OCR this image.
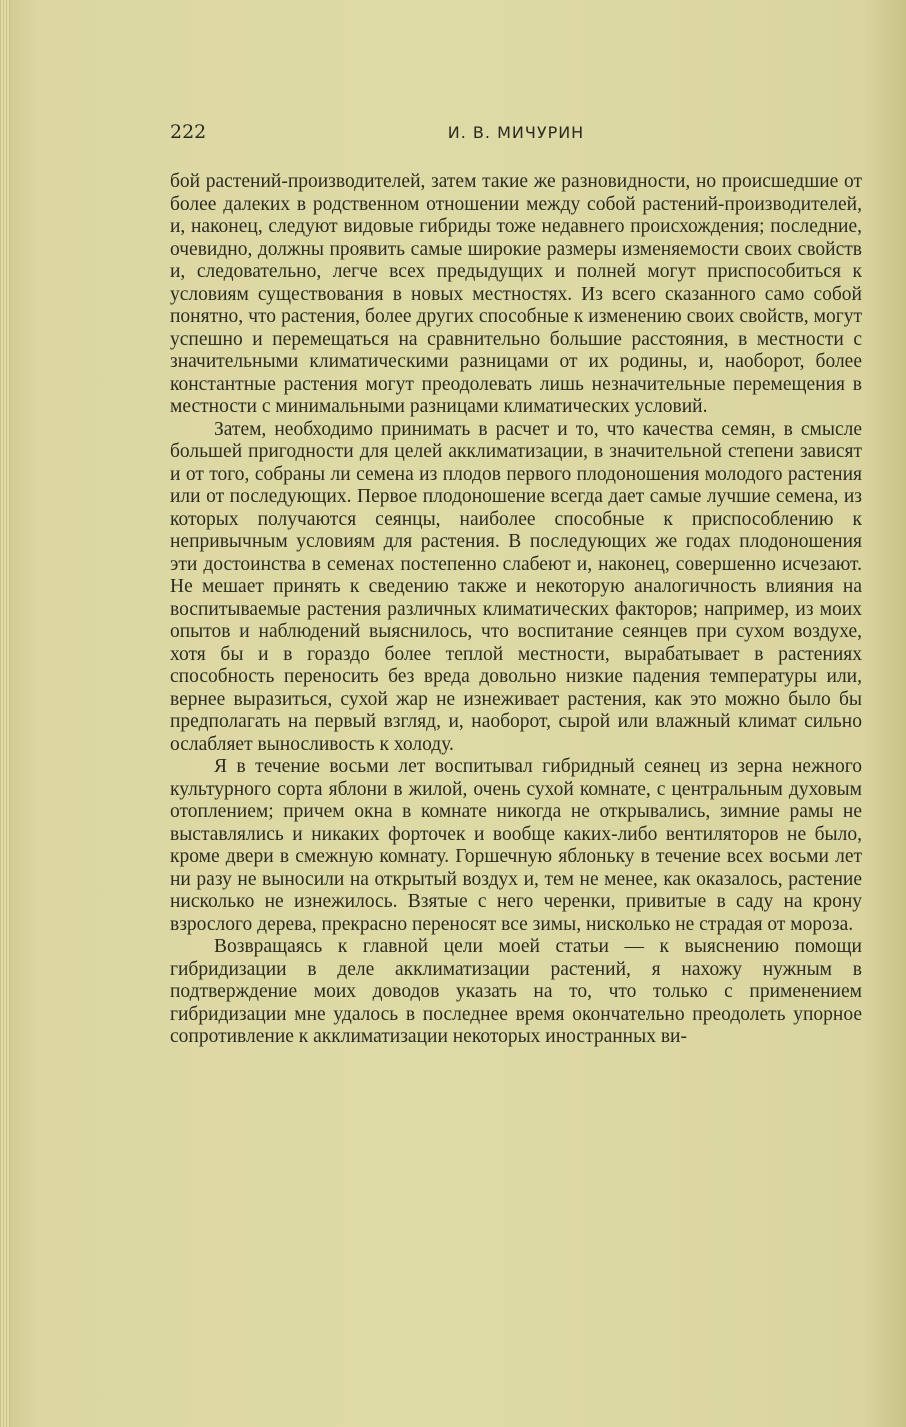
222	И. В. МИЧУРИН

бой растений-производителей, затем такие же разновидности, но происшедшие от более далеких в родственном отношении между собой растений-производителей, и, наконец, следуют видовые гибриды тоже недавнего происхождения; последние, очевидно, должны проявить самые широкие размеры изменяемости своих свойств и, следовательно, легче всех предыдущих и полней могут приспособиться к условиям существования в новых местностях. Из всего сказанного само собой понятно, что растения, более других способные к изменению своих свойств, могут успешно и перемещаться на сравнительно большие расстояния, в местности с значительными климатическими разницами от их родины, и, наоборот, более константные растения могут преодолевать лишь незначительные перемещения в местности с минимальными разницами климатических условий.

Затем, необходимо принимать в расчет и то, что качества семян, в смысле большей пригодности для целей акклиматизации, в значительной степени зависят и от того, собраны ли семена из плодов первого плодоношения молодого растения или от последующих. Первое плодоношение всегда дает самые лучшие семена, из которых получаются сеянцы, наиболее способные к приспособлению к непривычным условиям для растения. В последующих же годах плодоношения эти достоинства в семенах постепенно слабеют и, наконец, совершенно исчезают. Не мешает принять к сведению также и некоторую аналогичность влияния на воспитываемые растения различных климатических факторов; например, из моих опытов и наблюдений выяснилось, что воспитание сеянцев при сухом воздухе, хотя бы и в гораздо более теплой местности, вырабатывает в растениях способность переносить без вреда довольно низкие падения температуры или, вернее выразиться, сухой жар не изнеживает растения, как это можно было бы предполагать на первый взгляд, и, наоборот, сырой или влажный климат сильно ослабляет выносливость к холоду.

Я в течение восьми лет воспитывал гибридный сеянец из зерна нежного культурного сорта яблони в жилой, очень сухой комнате, с центральным духовым отоплением; причем окна в комнате никогда не открывались, зимние рамы не выставлялись и никаких форточек и вообще каких-либо вентиляторов не было, кроме двери в смежную комнату. Горшечную яблоньку в течение всех восьми лет ни разу не выносили на открытый воздух и, тем не менее, как оказалось, растение нисколько не изнежилось. Взятые с него черенки, привитые в саду на крону взрослого дерева, прекрасно переносят все зимы, нисколько не страдая от мороза.

Возвращаясь к главной цели моей статьи — к выяснению помощи гибридизации в деле акклиматизации растений, я нахожу нужным в подтверждение моих доводов указать на то, что только с применением гибридизации мне удалось в последнее время окончательно преодолеть упорное сопротивление к акклиматизации некоторых иностранных ви-
